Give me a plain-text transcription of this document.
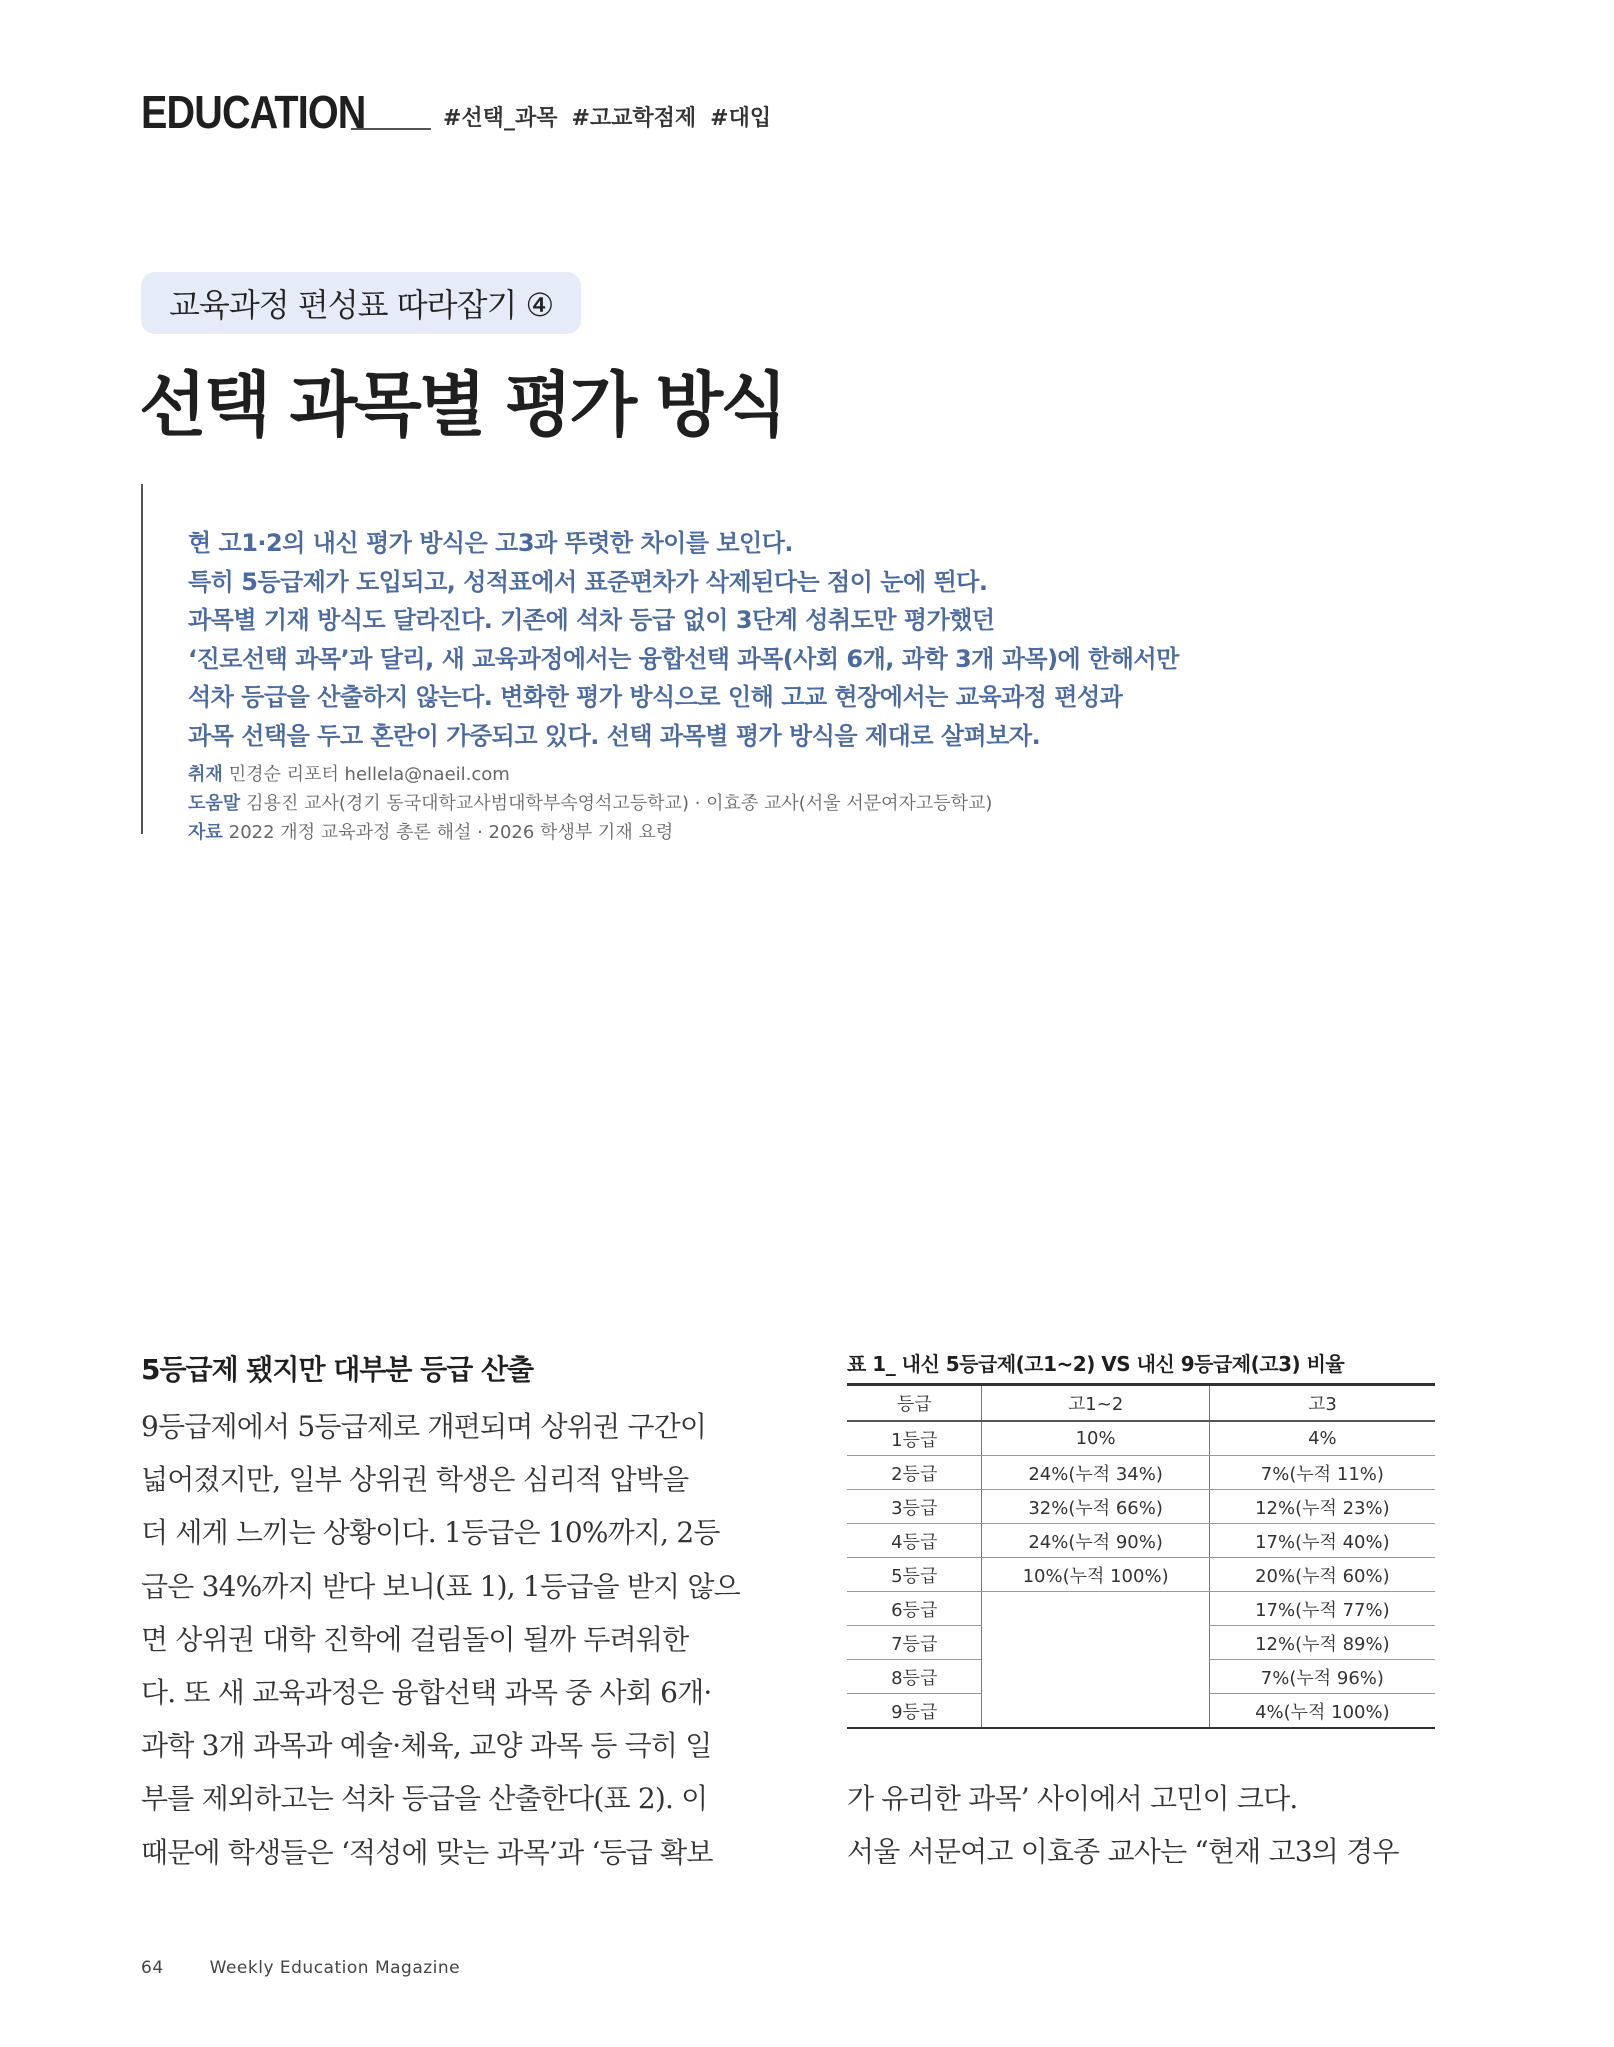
EDUCATION	#선택_과목 #고교학점제 #대입
교육과정 편성표 따라잡기 ④
선택 과목별 평가 방식
현 고1·2의 내신 평가 방식은 고3과 뚜렷한 차이를 보인다.
특히 5등급제가 도입되고, 성적표에서 표준편차가 삭제된다는 점이 눈에 띈다.
과목별 기재 방식도 달라진다. 기존에 석차 등급 없이 3단계 성취도만 평가했던
‘진로선택 과목’과 달리, 새 교육과정에서는 융합선택 과목(사회 6개, 과학 3개 과목)에 한해서만
석차 등급을 산출하지 않는다. 변화한 평가 방식으로 인해 고교 현장에서는 교육과정 편성과
과목 선택을 두고 혼란이 가중되고 있다. 선택 과목별 평가 방식을 제대로 살펴보자.
취재 민경순 리포터 hellela@naeil.com
도움말 김용진 교사(경기 동국대학교사범대학부속영석고등학교) · 이효종 교사(서울 서문여자고등학교)
자료 2022 개정 교육과정 총론 해설 · 2026 학생부 기재 요령
5등급제 됐지만 대부분 등급 산출
9등급제에서 5등급제로 개편되며 상위권 구간이
넓어졌지만, 일부 상위권 학생은 심리적 압박을
더 세게 느끼는 상황이다. 1등급은 10%까지, 2등
급은 34%까지 받다 보니(표 1), 1등급을 받지 않으
면 상위권 대학 진학에 걸림돌이 될까 두려워한
다. 또 새 교육과정은 융합선택 과목 중 사회 6개·
과학 3개 과목과 예술·체육, 교양 과목 등 극히 일
부를 제외하고는 석차 등급을 산출한다(표 2). 이
때문에 학생들은 ‘적성에 맞는 과목’과 ‘등급 확보
표 1_ 내신 5등급제(고1~2) VS 내신 9등급제(고3) 비율
등급	고1~2	고3
1등급	10%	4%
2등급	24%(누적 34%)	7%(누적 11%)
3등급	32%(누적 66%)	12%(누적 23%)
4등급	24%(누적 90%)	17%(누적 40%)
5등급	10%(누적 100%)	20%(누적 60%)
6등급		17%(누적 77%)
7등급		12%(누적 89%)
8등급		7%(누적 96%)
9등급		4%(누적 100%)
가 유리한 과목’ 사이에서 고민이 크다.
서울 서문여고 이효종 교사는 “현재 고3의 경우
64	Weekly Education Magazine
